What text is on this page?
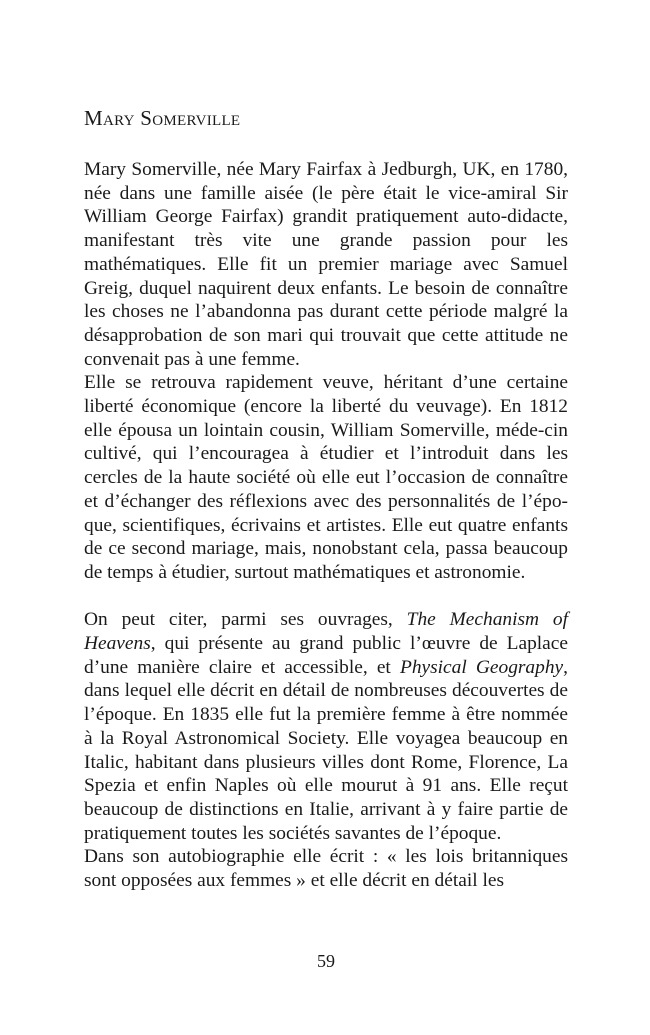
Mary Somerville

Mary Somerville, née Mary Fairfax à Jedburgh, UK, en 1780, née dans une famille aisée (le père était le vice-amiral Sir William George Fairfax) grandit pratiquement auto-didacte, manifestant très vite une grande passion pour les mathématiques. Elle fit un premier mariage avec Samuel Greig, duquel naquirent deux enfants. Le besoin de connaître les choses ne l’abandonna pas durant cette période malgré la désapprobation de son mari qui trouvait que cette attitude ne convenait pas à une femme.

Elle se retrouva rapidement veuve, héritant d’une certaine liberté économique (encore la liberté du veuvage). En 1812 elle épousa un lointain cousin, William Somerville, méde-cin cultivé, qui l’encouragea à étudier et l’introduit dans les cercles de la haute société où elle eut l’occasion de connaître et d’échanger des réflexions avec des personnalités de l’épo-que, scientifiques, écrivains et artistes. Elle eut quatre enfants de ce second mariage, mais, nonobstant cela, passa beaucoup de temps à étudier, surtout mathématiques et astronomie.

On peut citer, parmi ses ouvrages, The Mechanism of Heavens, qui présente au grand public l’œuvre de Laplace d’une manière claire et accessible, et Physical Geography, dans lequel elle décrit en détail de nombreuses découvertes de l’époque. En 1835 elle fut la première femme à être nommée à la Royal Astronomical Society. Elle voyagea beaucoup en Italic, habitant dans plusieurs villes dont Rome, Florence, La Spezia et enfin Naples où elle mourut à 91 ans. Elle reçut beaucoup de distinctions en Italie, arrivant à y faire partie de pratiquement toutes les sociétés savantes de l’époque.

Dans son autobiographie elle écrit : « les lois britanniques sont opposées aux femmes » et elle décrit en détail les

59
